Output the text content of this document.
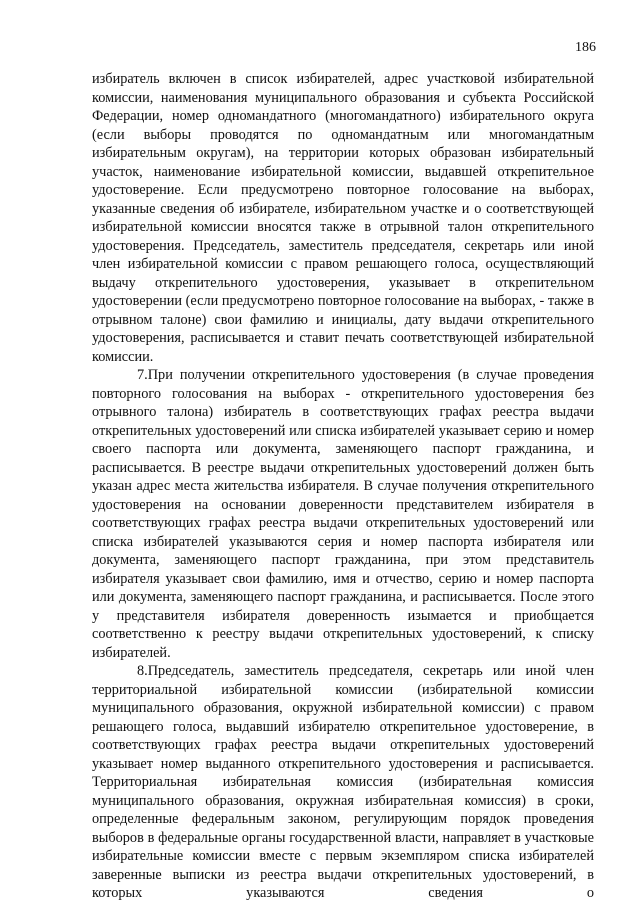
186

избиратель включен в список избирателей, адрес участковой избирательной комиссии, наименования муниципального образования и субъекта Российской Федерации, номер одномандатного (многомандатного) избирательного округа (если выборы проводятся по одномандатным или многомандатным избирательным округам), на территории которых образован избирательный участок, наименование избирательной комиссии, выдавшей открепительное удостоверение. Если предусмотрено повторное голосование на выборах, указанные сведения об избирателе, избирательном участке и о соответствующей избирательной комиссии вносятся также в отрывной талон открепительного удостоверения. Председатель, заместитель председателя, секретарь или иной член избирательной комиссии с правом решающего голоса, осуществляющий выдачу открепительного удостоверения, указывает в открепительном удостоверении (если предусмотрено повторное голосование на выборах, - также в отрывном талоне) свои фамилию и инициалы, дату выдачи открепительного удостоверения, расписывается и ставит печать соответствующей избирательной комиссии.

7.При получении открепительного удостоверения (в случае проведения повторного голосования на выборах - открепительного удостоверения без отрывного талона) избиратель в соответствующих графах реестра выдачи открепительных удостоверений или списка избирателей указывает серию и номер своего паспорта или документа, заменяющего паспорт гражданина, и расписывается. В реестре выдачи открепительных удостоверений должен быть указан адрес места жительства избирателя. В случае получения открепительного удостоверения на основании доверенности представителем избирателя в соответствующих графах реестра выдачи открепительных удостоверений или списка избирателей указываются серия и номер паспорта избирателя или документа, заменяющего паспорт гражданина, при этом представитель избирателя указывает свои фамилию, имя и отчество, серию и номер паспорта или документа, заменяющего паспорт гражданина, и расписывается. После этого у представителя избирателя доверенность изымается и приобщается соответственно к реестру выдачи открепительных удостоверений, к списку избирателей.

8.Председатель, заместитель председателя, секретарь или иной член территориальной избирательной комиссии (избирательной комиссии муниципального образования, окружной избирательной комиссии) с правом решающего голоса, выдавший избирателю открепительное удостоверение, в соответствующих графах реестра выдачи открепительных удостоверений указывает номер выданного открепительного удостоверения и расписывается. Территориальная избирательная комиссия (избирательная комиссия муниципального образования, окружная избирательная комиссия) в сроки, определенные федеральным законом, регулирующим порядок проведения выборов в федеральные органы государственной власти, направляет в участковые избирательные комиссии вместе с первым экземпляром списка избирателей заверенные выписки из реестра выдачи открепительных удостоверений, в которых указываются сведения о
